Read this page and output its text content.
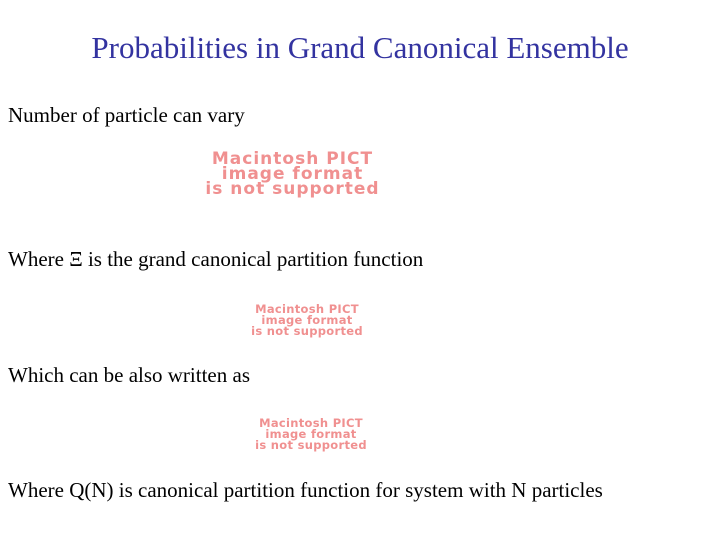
Probabilities in Grand Canonical Ensemble
Number of particle can vary
Macintosh PICT
image format
is not supported
Where Ξ is the grand canonical partition function
Macintosh PICT
image format
is not supported
Which can be also written as
Macintosh PICT
image format
is not supported
Where Q(N) is canonical partition function for system with N particles
